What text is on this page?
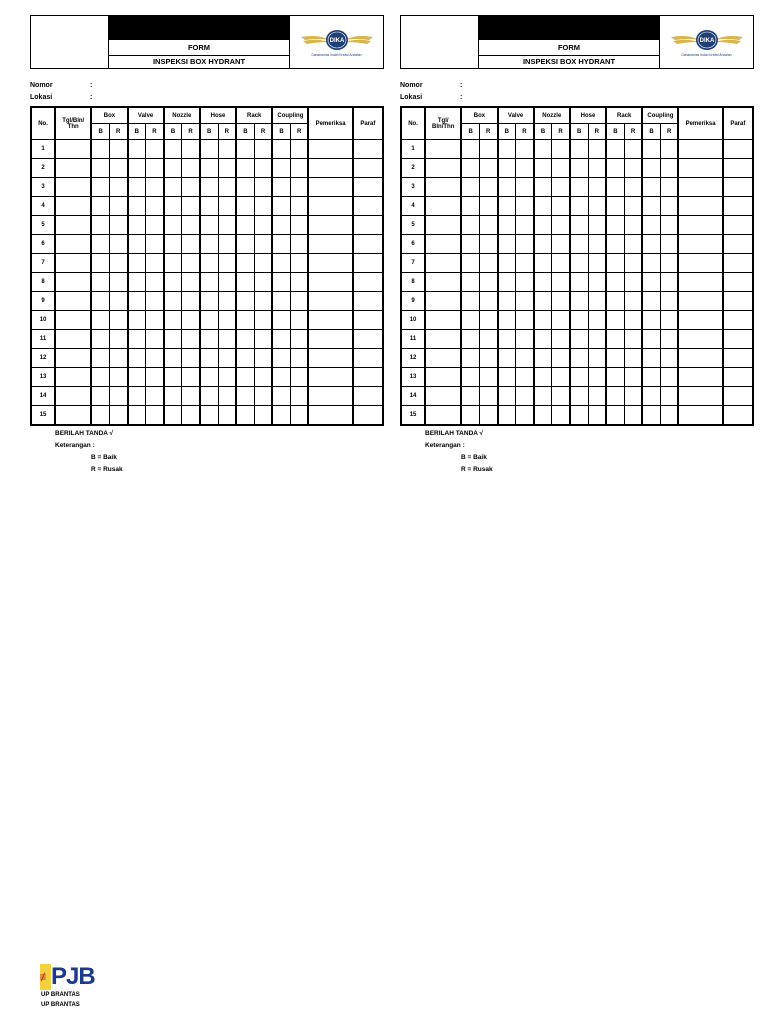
FORM
INSPEKSI BOX HYDRANT
DIKA
Dahanamas Indah Kreasi Andalan
Nomor	:
Lokasi	:
No.	Tgl/Bln/ Thn	Box		Valve		Nozzle		Hose		Rack		Coupling		Pemeriksa	Paraf
		B	R	B	R	B	R	B	R	B	R	B	R		
1															
2															
3															
4															
5															
6															
7															
8															
9															
10															
11															
12															
13															
14															
15															
BERILAH TANDA √
Keterangan :
B = Baik
R = Rusak
FORM
INSPEKSI BOX HYDRANT
DIKA
Dahanamas Indah Kreasi Andalan
Nomor	:
Lokasi	:
No.	Tgl/ Bln/Thn	Box		Valve		Nozzle		Hose		Rack		Coupling		Pemeriksa	Paraf
		B	R	B	R	B	R	B	R	B	R	B	R		
1															
2															
3															
4															
5															
6															
7															
8															
9															
10															
11															
12															
13															
14															
15															
BERILAH TANDA √
Keterangan :
B = Baik
R = Rusak
≢ PJB
UP BRANTAS
UP BRANTAS
